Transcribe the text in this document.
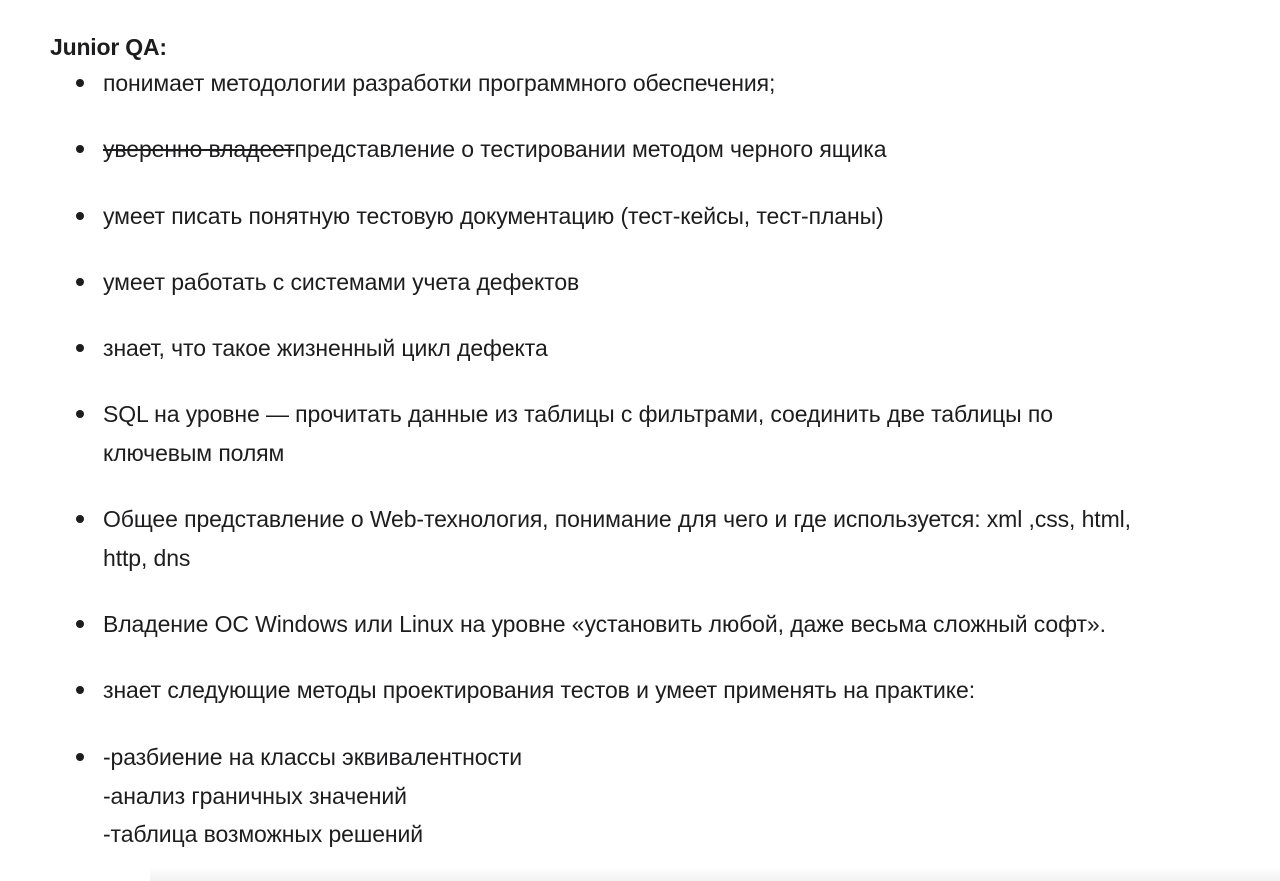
Junior QA:
понимает методологии разработки программного обеспечения;
уверенно владеетпредставление о тестировании методом черного ящика
умеет писать понятную тестовую документацию (тест-кейсы, тест-планы)
умеет работать с системами учета дефектов
знает, что такое жизненный цикл дефекта
SQL на уровне — прочитать данные из таблицы с фильтрами, соединить две таблицы по
ключевым полям
Общее представление о Web-технология, понимание для чего и где используется: xml ,css, html,
http, dns
Владение ОС Windows или Linux на уровне «установить любой, даже весьма сложный софт».
знает следующие методы проектирования тестов и умеет применять на практике:
-разбиение на классы эквивалентности
-анализ граничных значений
-таблица возможных решений
